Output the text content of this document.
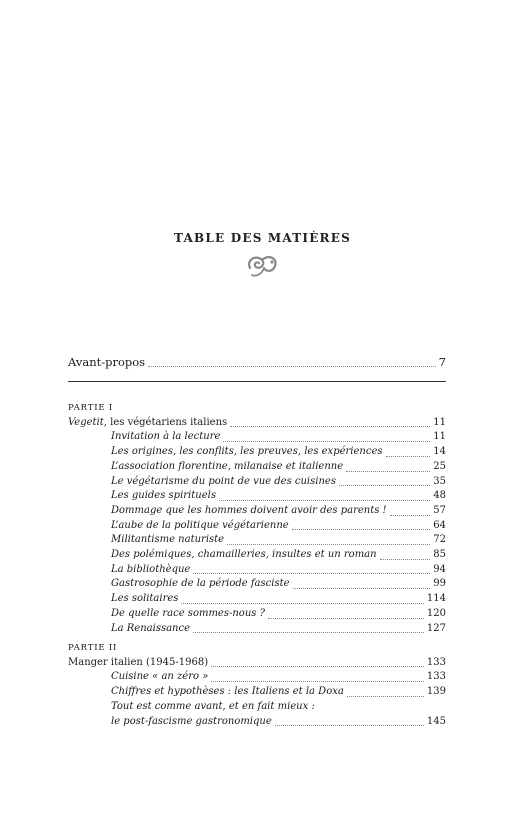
TABLE DES MATIÈRES
Avant-propos	7
PARTIE I
Vegetit, les végétariens italiens	11
Invitation à la lecture	11
Les origines, les conflits, les preuves, les expériences	14
L’association florentine, milanaise et italienne	25
Le végétarisme du point de vue des cuisines	35
Les guides spirituels	48
Dommage que les hommes doivent avoir des parents !	57
L’aube de la politique végétarienne	64
Militantisme naturiste	72
Des polémiques, chamailleries, insultes et un roman	85
La bibliothèque	94
Gastrosophie de la période fasciste	99
Les solitaires	114
De quelle race sommes-nous ?	120
La Renaissance	127
PARTIE II
Manger italien (1945-1968)	133
Cuisine « an zéro »	133
Chiffres et hypothèses : les Italiens et la Doxa	139
Tout est comme avant, et en fait mieux :
le post-fascisme gastronomique	145
